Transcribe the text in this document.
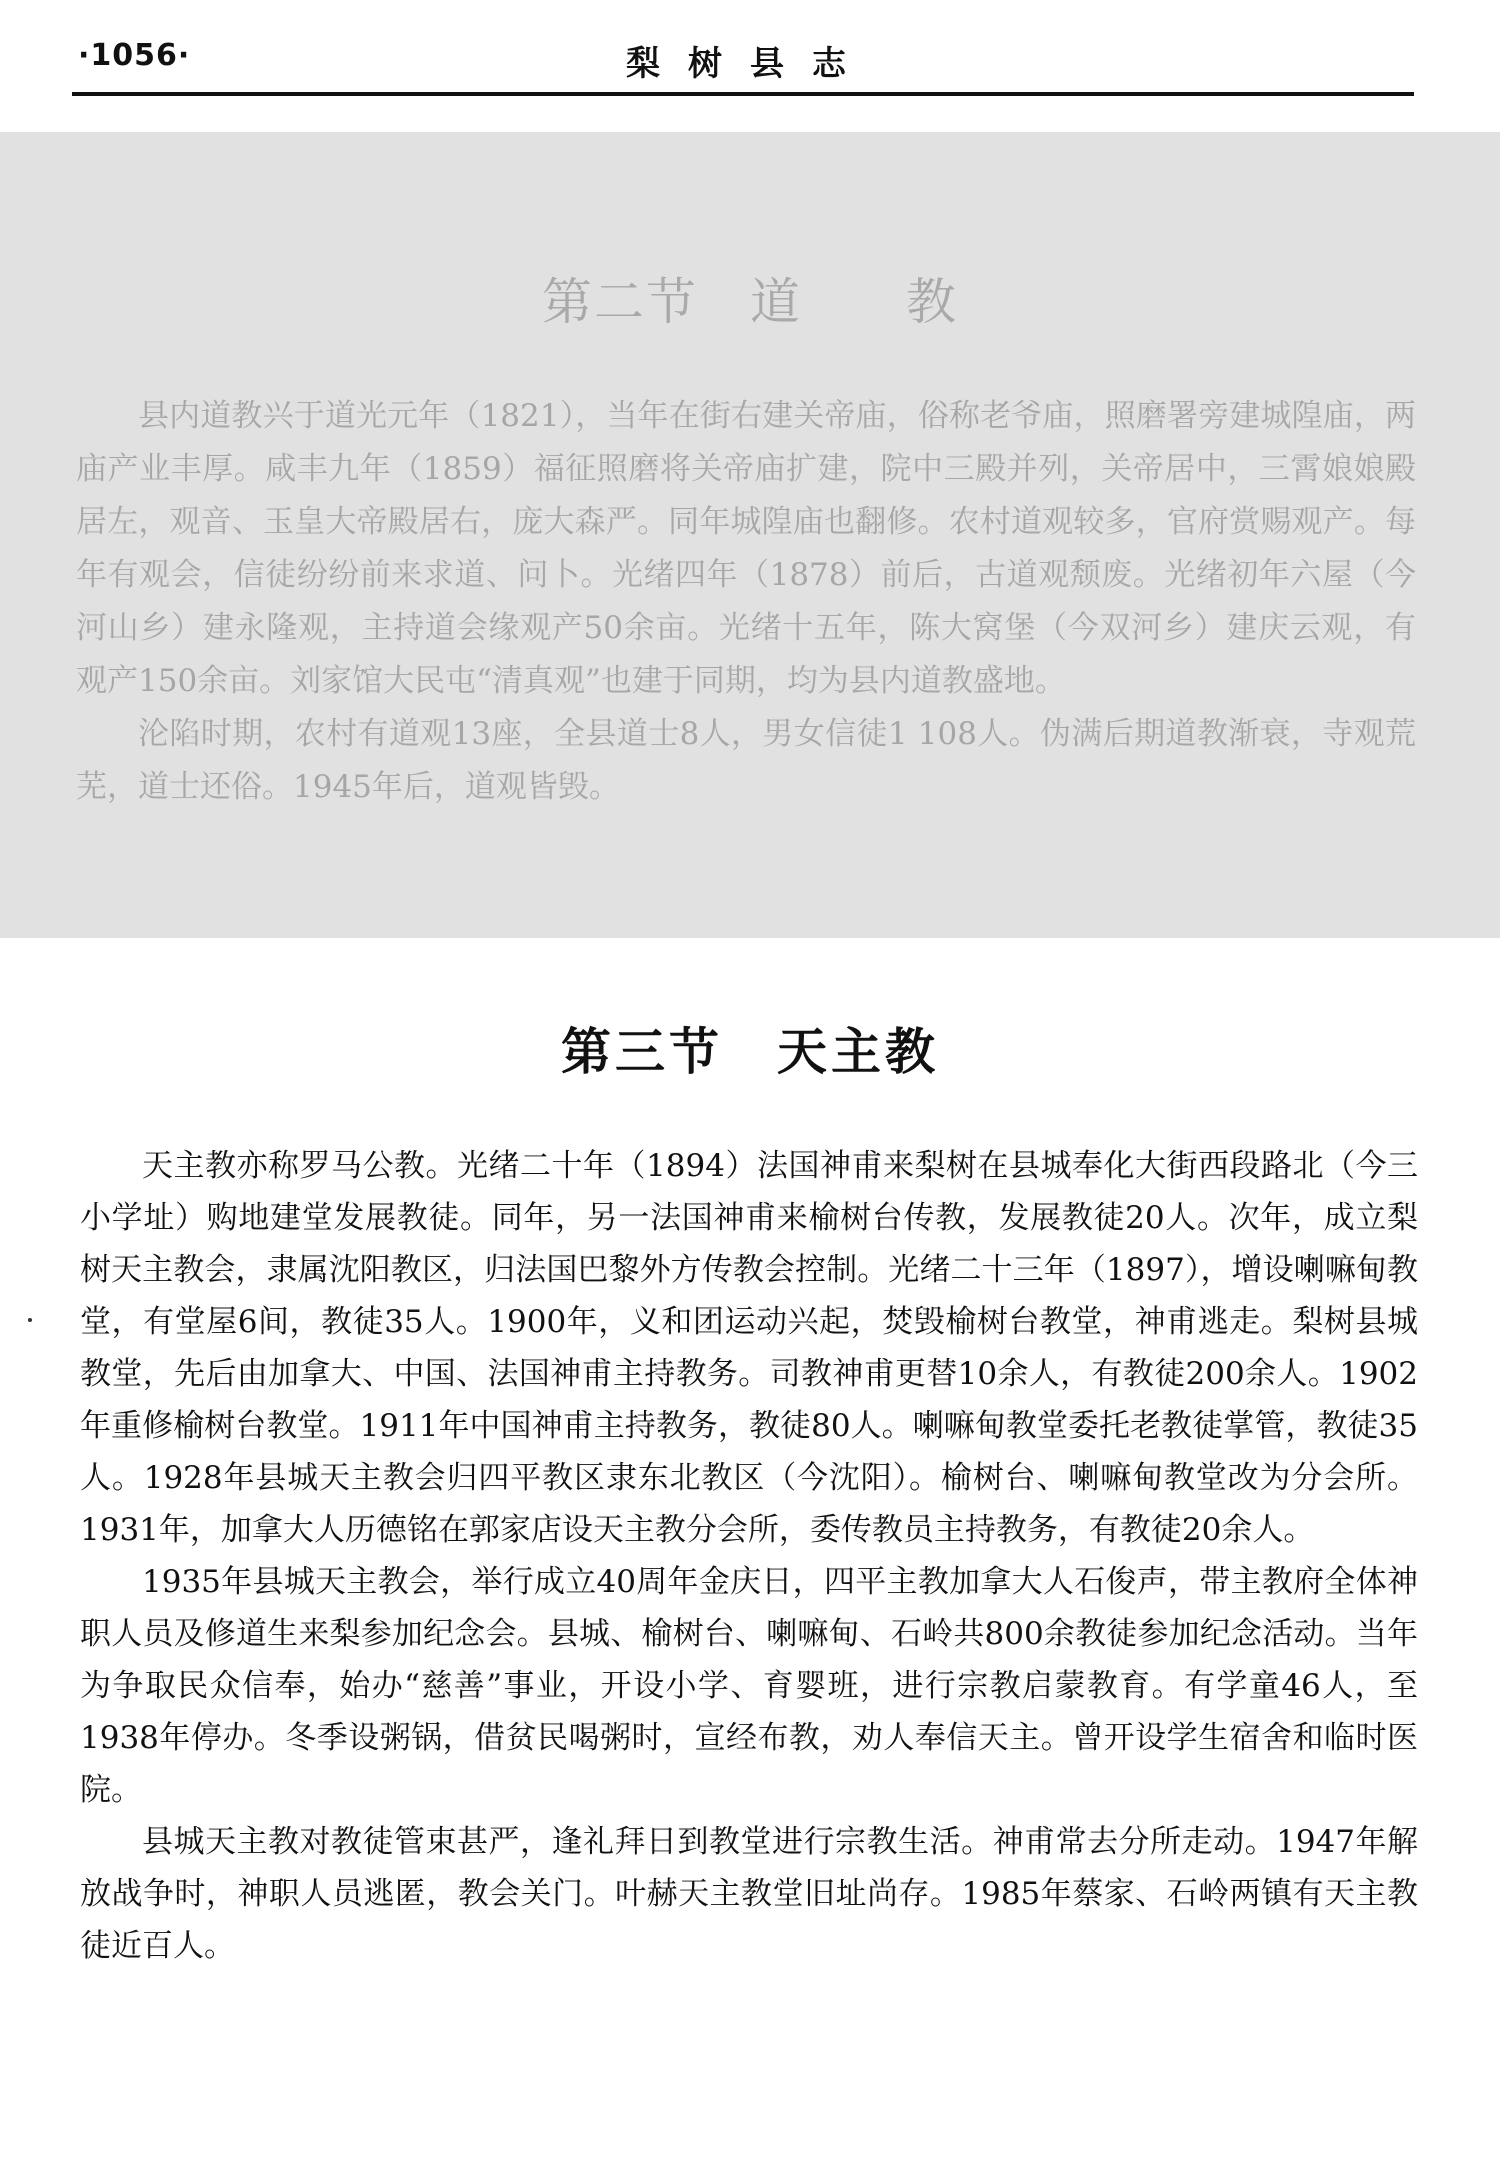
·1056·	梨树县志
第二节　道　　教

县内道教兴于道光元年（1821），当年在街右建关帝庙，俗称老爷庙，照磨署旁建城隍庙，两庙产业丰厚。咸丰九年（1859）福征照磨将关帝庙扩建，院中三殿并列，关帝居中，三霄娘娘殿居左，观音、玉皇大帝殿居右，庞大森严。同年城隍庙也翻修。农村道观较多，官府赏赐观产。每年有观会，信徒纷纷前来求道、问卜。光绪四年（1878）前后，古道观颓废。光绪初年六屋（今河山乡）建永隆观，主持道会缘观产50余亩。光绪十五年，陈大窝堡（今双河乡）建庆云观，有观产150余亩。刘家馆大民屯“清真观”也建于同期，均为县内道教盛地。

沦陷时期，农村有道观13座，全县道士8人，男女信徒1 108人。伪满后期道教渐衰，寺观荒芜，道士还俗。1945年后，道观皆毁。

第三节　天主教

天主教亦称罗马公教。光绪二十年（1894）法国神甫来梨树在县城奉化大街西段路北（今三小学址）购地建堂发展教徒。同年，另一法国神甫来榆树台传教，发展教徒20人。次年，成立梨树天主教会，隶属沈阳教区，归法国巴黎外方传教会控制。光绪二十三年（1897），增设喇嘛甸教堂，有堂屋6间，教徒35人。1900年，义和团运动兴起，焚毁榆树台教堂，神甫逃走。梨树县城教堂，先后由加拿大、中国、法国神甫主持教务。司教神甫更替10余人，有教徒200余人。1902年重修榆树台教堂。1911年中国神甫主持教务，教徒80人。喇嘛甸教堂委托老教徒掌管，教徒35人。1928年县城天主教会归四平教区隶东北教区（今沈阳）。榆树台、喇嘛甸教堂改为分会所。1931年，加拿大人历德铭在郭家店设天主教分会所，委传教员主持教务，有教徒20余人。

1935年县城天主教会，举行成立40周年金庆日，四平主教加拿大人石俊声，带主教府全体神职人员及修道生来梨参加纪念会。县城、榆树台、喇嘛甸、石岭共800余教徒参加纪念活动。当年为争取民众信奉，始办“慈善”事业，开设小学、育婴班，进行宗教启蒙教育。有学童46人，至1938年停办。冬季设粥锅，借贫民喝粥时，宣经布教，劝人奉信天主。曾开设学生宿舍和临时医院。

县城天主教对教徒管束甚严，逢礼拜日到教堂进行宗教生活。神甫常去分所走动。1947年解放战争时，神职人员逃匿，教会关门。叶赫天主教堂旧址尚存。1985年蔡家、石岭两镇有天主教徒近百人。
